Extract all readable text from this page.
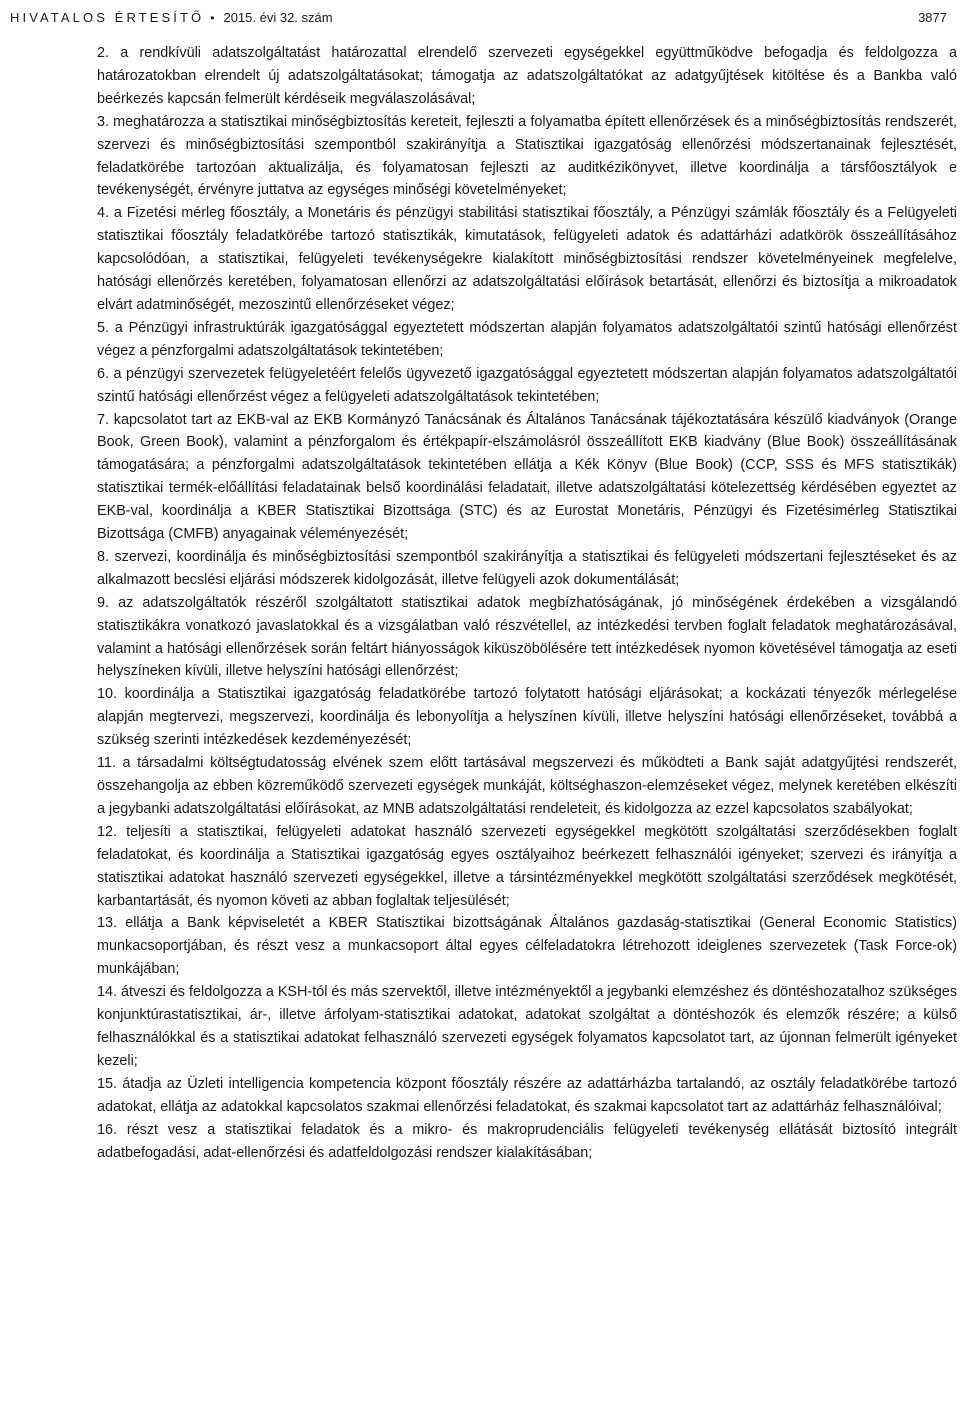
HIVATALOS ÉRTESÍTŐ • 2015. évi 32. szám	3877

2. a rendkívüli adatszolgáltatást határozattal elrendelő szervezeti egységekkel együttműködve befogadja és feldolgozza a határozatokban elrendelt új adatszolgáltatásokat; támogatja az adatszolgáltatókat az adatgyűjtések kitöltése és a Bankba való beérkezés kapcsán felmerült kérdéseik megválaszolásával;

3. meghatározza a statisztikai minőségbiztosítás kereteit, fejleszti a folyamatba épített ellenőrzések és a minőségbiztosítás rendszerét, szervezi és minőségbiztosítási szempontból szakirányítja a Statisztikai igazgatóság ellenőrzési módszertanainak fejlesztését, feladatkörébe tartozóan aktualizálja, és folyamatosan fejleszti az auditkézikönyvet, illetve koordinálja a társfőosztályok e tevékenységét, érvényre juttatva az egységes minőségi követelményeket;

4. a Fizetési mérleg főosztály, a Monetáris és pénzügyi stabilitási statisztikai főosztály, a Pénzügyi számlák főosztály és a Felügyeleti statisztikai főosztály feladatkörébe tartozó statisztikák, kimutatások, felügyeleti adatok és adattárházi adatkörök összeállításához kapcsolódóan, a statisztikai, felügyeleti tevékenységekre kialakított minőségbiztosítási rendszer követelményeinek megfelelve, hatósági ellenőrzés keretében, folyamatosan ellenőrzi az adatszolgáltatási előírások betartását, ellenőrzi és biztosítja a mikroadatok elvárt adatminőségét, mezoszintű ellenőrzéseket végez;

5. a Pénzügyi infrastruktúrák igazgatósággal egyeztetett módszertan alapján folyamatos adatszolgáltatói szintű hatósági ellenőrzést végez a pénzforgalmi adatszolgáltatások tekintetében;

6. a pénzügyi szervezetek felügyeletéért felelős ügyvezető igazgatósággal egyeztetett módszertan alapján folyamatos adatszolgáltatói szintű hatósági ellenőrzést végez a felügyeleti adatszolgáltatások tekintetében;

7. kapcsolatot tart az EKB-val az EKB Kormányzó Tanácsának és Általános Tanácsának tájékoztatására készülő kiadványok (Orange Book, Green Book), valamint a pénzforgalom és értékpapír-elszámolásról összeállított EKB kiadvány (Blue Book) összeállításának támogatására; a pénzforgalmi adatszolgáltatások tekintetében ellátja a Kék Könyv (Blue Book) (CCP, SSS és MFS statisztikák) statisztikai termék-előállítási feladatainak belső koordinálási feladatait, illetve adatszolgáltatási kötelezettség kérdésében egyeztet az EKB-val, koordinálja a KBER Statisztikai Bizottsága (STC) és az Eurostat Monetáris, Pénzügyi és Fizetésimérleg Statisztikai Bizottsága (CMFB) anyagainak véleményezését;

8. szervezi, koordinálja és minőségbiztosítási szempontból szakirányítja a statisztikai és felügyeleti módszertani fejlesztéseket és az alkalmazott becslési eljárási módszerek kidolgozását, illetve felügyeli azok dokumentálását;

9. az adatszolgáltatók részéről szolgáltatott statisztikai adatok megbízhatóságának, jó minőségének érdekében a vizsgálandó statisztikákra vonatkozó javaslatokkal és a vizsgálatban való részvétellel, az intézkedési tervben foglalt feladatok meghatározásával, valamint a hatósági ellenőrzések során feltárt hiányosságok kiküszöbölésére tett intézkedések nyomon követésével támogatja az eseti helyszíneken kívüli, illetve helyszíni hatósági ellenőrzést;

10. koordinálja a Statisztikai igazgatóság feladatkörébe tartozó folytatott hatósági eljárásokat; a kockázati tényezők mérlegelése alapján megtervezi, megszervezi, koordinálja és lebonyolítja a helyszínen kívüli, illetve helyszíni hatósági ellenőrzéseket, továbbá a szükség szerinti intézkedések kezdeményezését;

11. a társadalmi költségtudatosság elvének szem előtt tartásával megszervezi és működteti a Bank saját adatgyűjtési rendszerét, összehangolja az ebben közreműködő szervezeti egységek munkáját, költséghaszon-elemzéseket végez, melynek keretében elkészíti a jegybanki adatszolgáltatási előírásokat, az MNB adatszolgáltatási rendeleteit, és kidolgozza az ezzel kapcsolatos szabályokat;

12. teljesíti a statisztikai, felügyeleti adatokat használó szervezeti egységekkel megkötött szolgáltatási szerződésekben foglalt feladatokat, és koordinálja a Statisztikai igazgatóság egyes osztályaihoz beérkezett felhasználói igényeket; szervezi és irányítja a statisztikai adatokat használó szervezeti egységekkel, illetve a társintézményekkel megkötött szolgáltatási szerződések megkötését, karbantartását, és nyomon követi az abban foglaltak teljesülését;

13. ellátja a Bank képviseletét a KBER Statisztikai bizottságának Általános gazdaság-statisztikai (General Economic Statistics) munkacsoportjában, és részt vesz a munkacsoport által egyes célfeladatokra létrehozott ideiglenes szervezetek (Task Force-ok) munkájában;

14. átveszi és feldolgozza a KSH-tól és más szervektől, illetve intézményektől a jegybanki elemzéshez és döntéshozatalhoz szükséges konjunktúrastatisztikai, ár-, illetve árfolyam-statisztikai adatokat, adatokat szolgáltat a döntéshozók és elemzők részére; a külső felhasználókkal és a statisztikai adatokat felhasználó szervezeti egységek folyamatos kapcsolatot tart, az újonnan felmerült igényeket kezeli;

15. átadja az Üzleti intelligencia kompetencia központ főosztály részére az adattárházba tartalandó, az osztály feladatkörébe tartozó adatokat, ellátja az adatokkal kapcsolatos szakmai ellenőrzési feladatokat, és szakmai kapcsolatot tart az adattárház felhasználóival;

16. részt vesz a statisztikai feladatok és a mikro- és makroprudenciális felügyeleti tevékenység ellátását biztosító integrált adatbefogadási, adat-ellenőrzési és adatfeldolgozási rendszer kialakításában;
